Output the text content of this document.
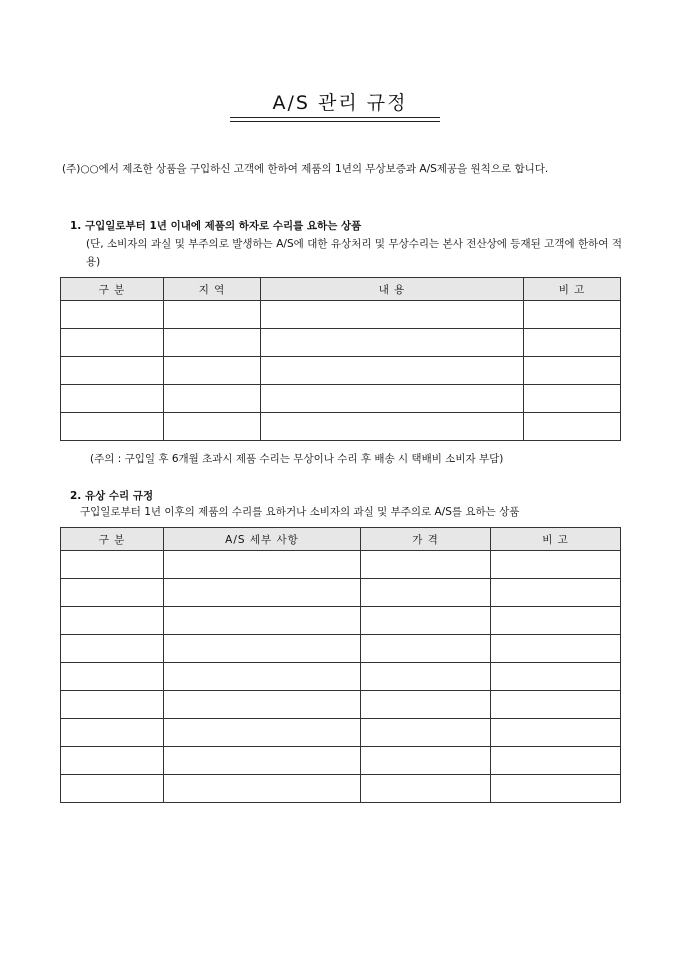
A/S 관리 규정
(주)○○에서 제조한 상품을 구입하신 고객에 한하여 제품의 1년의 무상보증과 A/S제공을 원칙으로 합니다.
1. 구입일로부터 1년 이내에 제품의 하자로 수리를 요하는 상품
(단, 소비자의 과실 및 부주의로 발생하는 A/S에 대한 유상처리 및 무상수리는 본사 전산상에 등재된 고객에 한하여 적용)
구 분	지 역	내 용	비 고

(주의 : 구입일 후 6개월 초과시 제품 수리는 무상이나 수리 후 배송 시 택배비 소비자 부담)
2. 유상 수리 규정
구입일로부터 1년 이후의 제품의 수리를 요하거나 소비자의 과실 및 부주의로 A/S를 요하는 상품
구 분	A/S 세부 사항	가 격	비 고
